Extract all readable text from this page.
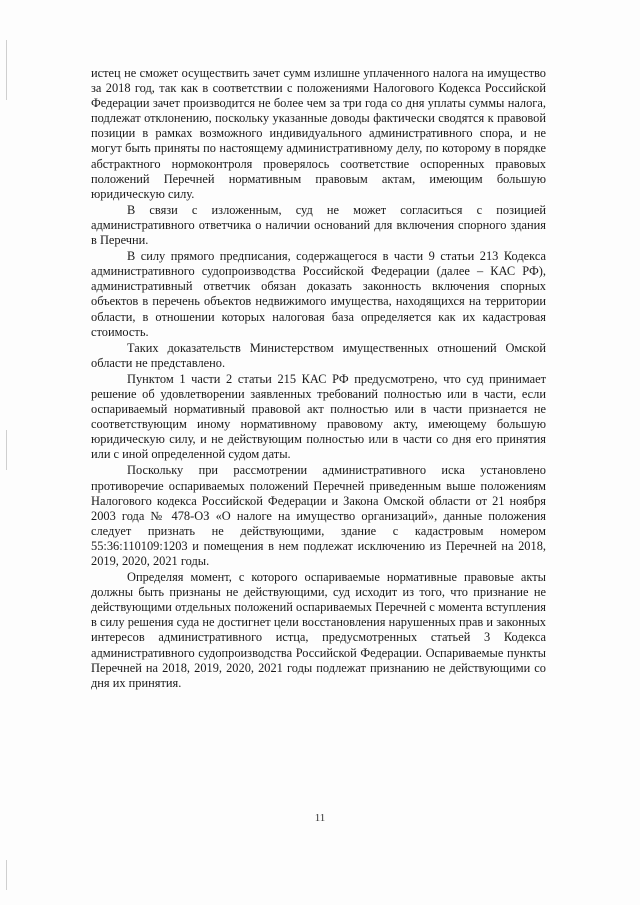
истец не сможет осуществить зачет сумм излишне уплаченного налога на имущество за 2018 год, так как в соответствии с положениями Налогового Кодекса Российской Федерации зачет производится не более чем за три года со дня уплаты суммы налога, подлежат отклонению, поскольку указанные доводы фактически сводятся к правовой позиции в рамках возможного индивидуального административного спора, и не могут быть приняты по настоящему административному делу, по которому в порядке абстрактного нормоконтроля проверялось соответствие оспоренных правовых положений Перечней нормативным правовым актам, имеющим большую юридическую силу.

В связи с изложенным, суд не может согласиться с позицией административного ответчика о наличии оснований для включения спорного здания в Перечни.

В силу прямого предписания, содержащегося в части 9 статьи 213 Кодекса административного судопроизводства Российской Федерации (далее – КАС РФ), административный ответчик обязан доказать законность включения спорных объектов в перечень объектов недвижимого имущества, находящихся на территории области, в отношении которых налоговая база определяется как их кадастровая стоимость.

Таких доказательств Министерством имущественных отношений Омской области не представлено.

Пунктом 1 части 2 статьи 215 КАС РФ предусмотрено, что суд принимает решение об удовлетворении заявленных требований полностью или в части, если оспариваемый нормативный правовой акт полностью или в части признается не соответствующим иному нормативному правовому акту, имеющему большую юридическую силу, и не действующим полностью или в части со дня его принятия или с иной определенной судом даты.

Поскольку при рассмотрении административного иска установлено противоречие оспариваемых положений Перечней приведенным выше положениям Налогового кодекса Российской Федерации и Закона Омской области от 21 ноября 2003 года № 478-ОЗ «О налоге на имущество организаций», данные положения следует признать не действующими, здание с кадастровым номером 55:36:110109:1203 и помещения в нем подлежат исключению из Перечней на 2018, 2019, 2020, 2021 годы.

Определяя момент, с которого оспариваемые нормативные правовые акты должны быть признаны не действующими, суд исходит из того, что признание не действующими отдельных положений оспариваемых Перечней с момента вступления в силу решения суда не достигнет цели восстановления нарушенных прав и законных интересов административного истца, предусмотренных статьей 3 Кодекса административного судопроизводства Российской Федерации. Оспариваемые пункты Перечней на 2018, 2019, 2020, 2021 годы подлежат признанию не действующими со дня их принятия.

11
